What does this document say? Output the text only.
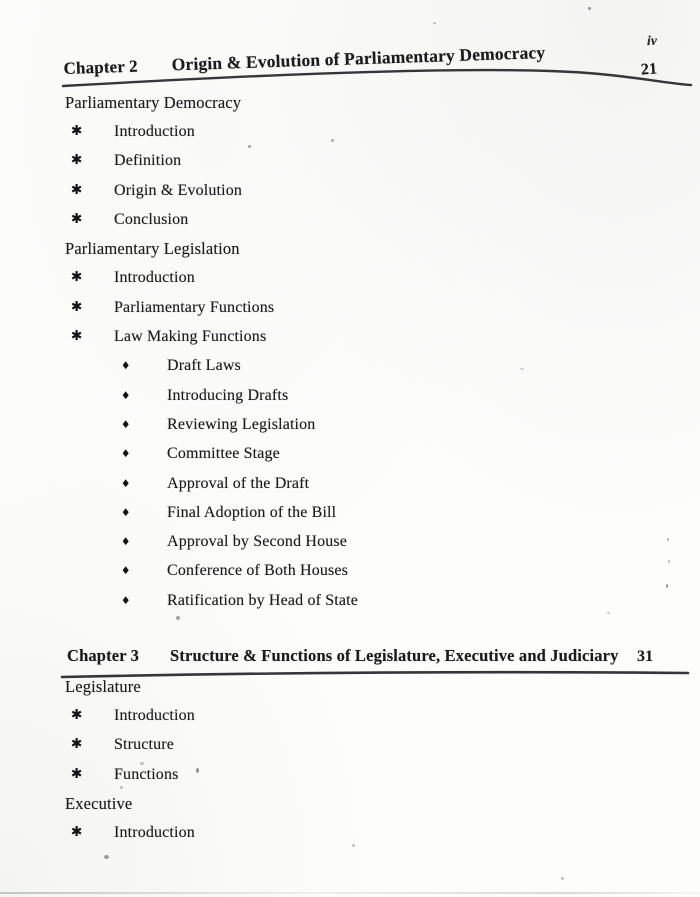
iv
Chapter 2 Origin & Evolution of Parliamentary Democracy	21
Chapter 3 Structure & Functions of Legislature, Executive and Judiciary 31
Parliamentary Democracy
✱ Introduction
✱ Definition
✱ Origin & Evolution
✱ Conclusion
Parliamentary Legislation
✱ Introduction
✱ Parliamentary Functions
✱ Law Making Functions
♦ Draft Laws
♦ Introducing Drafts
♦ Reviewing Legislation
♦ Committee Stage
♦ Approval of the Draft
♦ Final Adoption of the Bill
♦ Approval by Second House
♦ Conference of Both Houses
♦ Ratification by Head of State
Legislature
✱ Introduction
✱ Structure
✱ Functions
Executive
✱ Introduction
